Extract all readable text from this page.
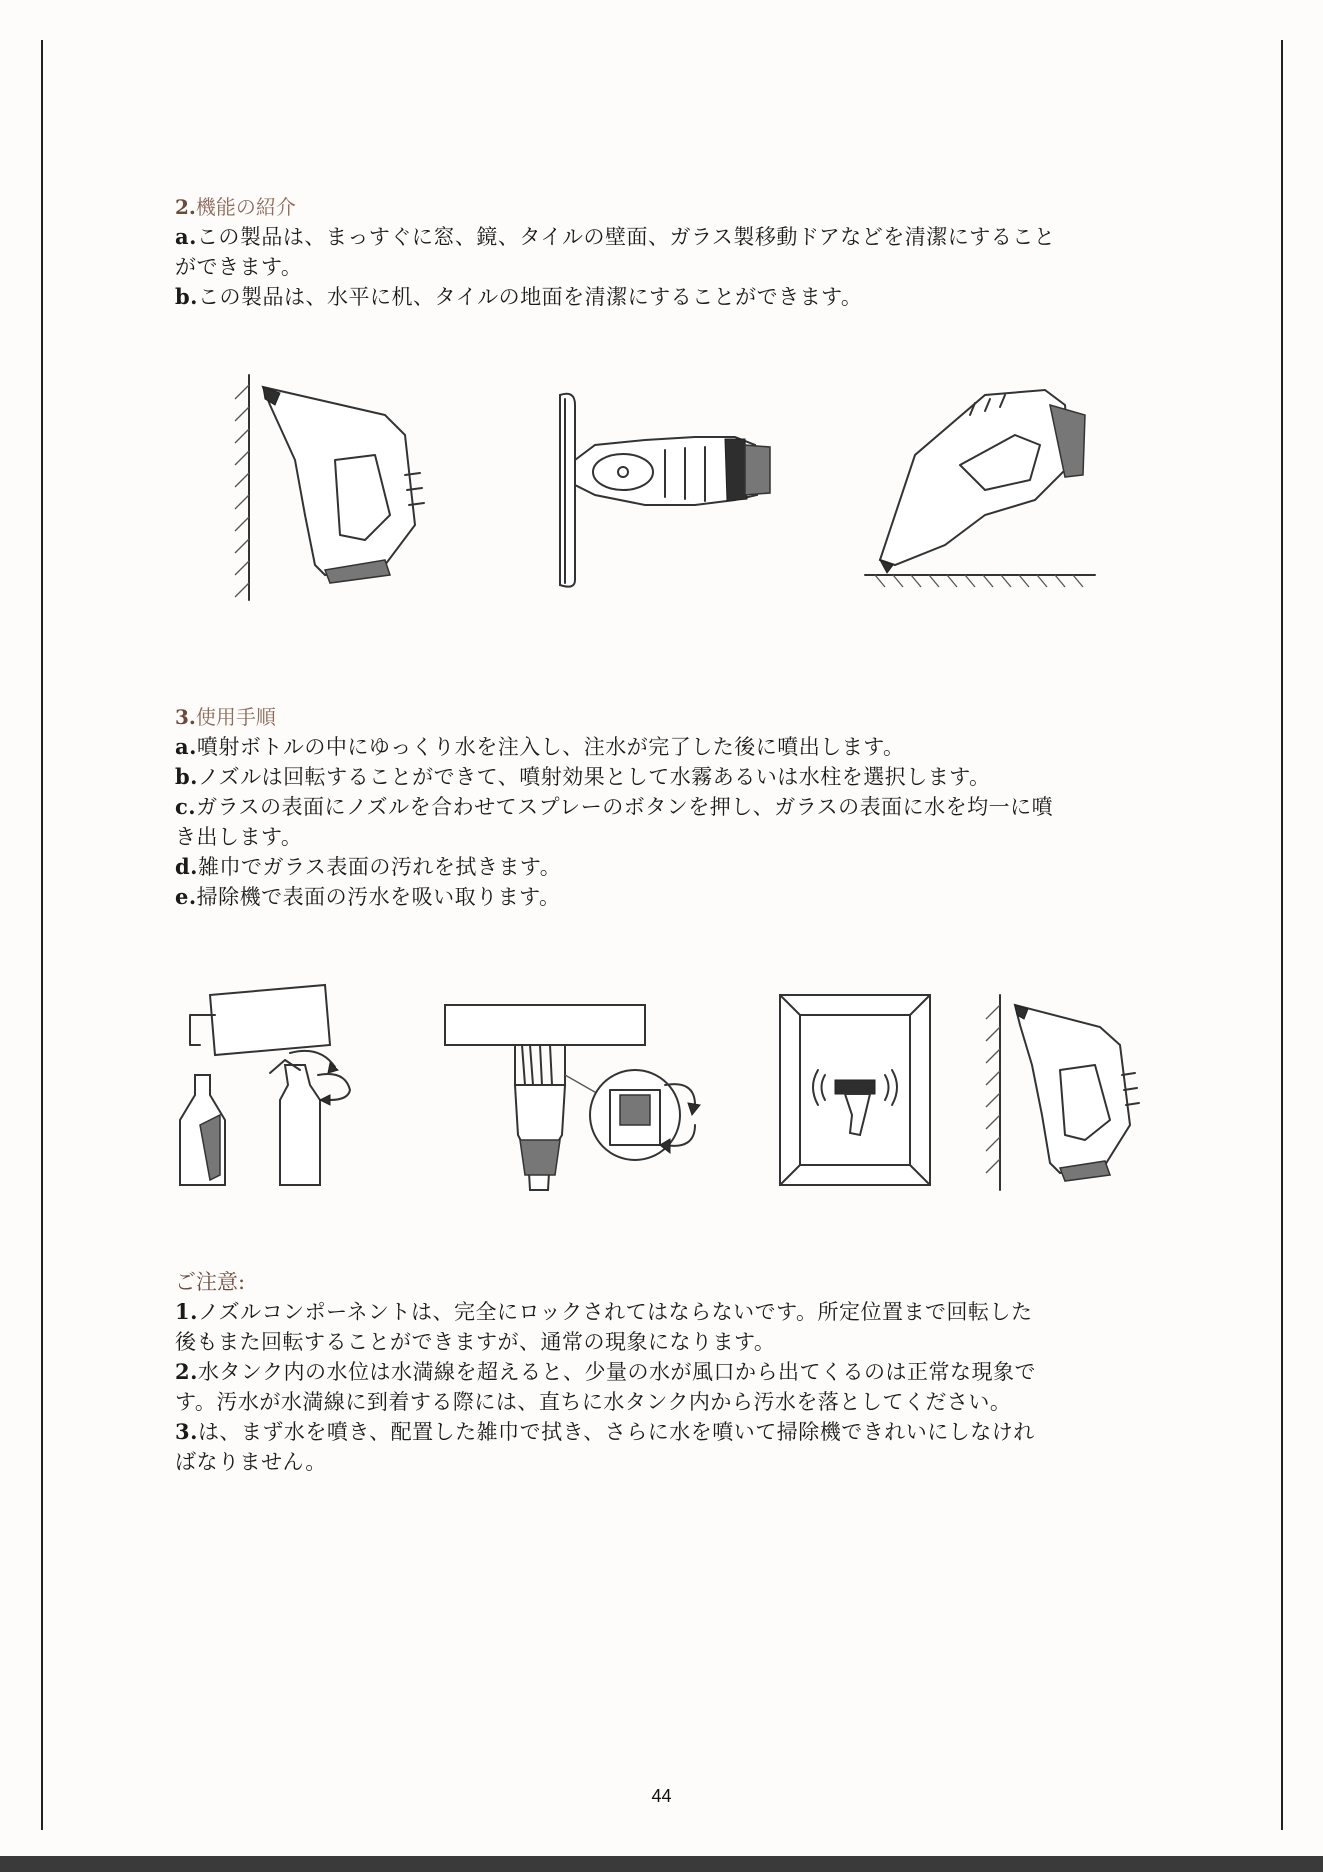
2.機能の紹介

a.この製品は、まっすぐに窓、鏡、タイルの壁面、ガラス製移動ドアなどを清潔にすること

ができます。

b.この製品は、水平に机、タイルの地面を清潔にすることができます。

3.使用手順

a.噴射ボトルの中にゆっくり水を注入し、注水が完了した後に噴出します。

b.ノズルは回転することができて、噴射効果として水霧あるいは水柱を選択します。

c.ガラスの表面にノズルを合わせてスプレーのボタンを押し、ガラスの表面に水を均一に噴

き出します。

d.雑巾でガラス表面の汚れを拭きます。

e.掃除機で表面の汚水を吸い取ります。

ご注意:

1.ノズルコンポーネントは、完全にロックされてはならないです。所定位置まで回転した

後もまた回転することができますが、通常の現象になります。

2.水タンク内の水位は水満線を超えると、少量の水が風口から出てくるのは正常な現象で

す。汚水が水満線に到着する際には、直ちに水タンク内から汚水を落としてください。

3.は、まず水を噴き、配置した雑巾で拭き、さらに水を噴いて掃除機できれいにしなけれ

ばなりません。

44
